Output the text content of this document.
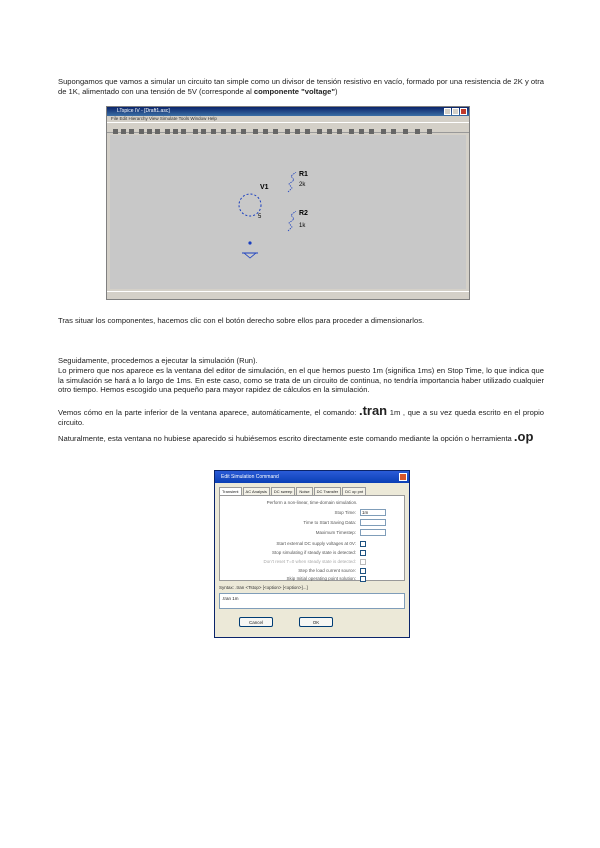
Supongamos que vamos a simular un circuito tan simple como un divisor de tensión resistivo en vacío, formado por una resistencia de 2K y otra de 1K, alimentado con una tensión de 5V (corresponde al componente "voltage")
LTspice IV - [Draft1.asc]
File Edit Hierarchy View Simulate Tools Window Help
V1
5
R1
2k
R2
1k
Tras situar los componentes, hacemos clic con el botón derecho sobre ellos para proceder a dimensionarlos.
Seguidamente, procedemos a ejecutar la simulación (Run).
Lo primero que nos aparece es la ventana del editor de simulación, en el que hemos puesto 1m (significa 1ms) en Stop Time, lo que indica que la simulación se hará a lo largo de 1ms. En este caso, como se trata de un circuito de continua, no tendría importancia haber utilizado cualquier otro tiempo. Hemos escogido una pequeño para mayor rapidez de cálculos en la simulación.
Vemos cómo en la parte inferior de la ventana aparece, automáticamente, el comando: .tran 1m , que a su vez queda escrito en el propio circuito.
Naturalmente, esta ventana no hubiese aparecido si hubiésemos escrito directamente este comando mediante la opción o herramienta .op
Edit Simulation Command
Transient	AC Analysis	DC sweep	Noise	DC Transfer	DC op pnt
Perform a non-linear, time-domain simulation.
Stop Time:	1m
Time to Start Saving Data:
Maximum Timestep:
Start external DC supply voltages at 0V:
Stop simulating if steady state is detected:
Don't reset T=0 when steady state is detected:
Step the load current source:
Skip Initial operating point solution:
Syntax: .tran <Tstop> [<option> [<option>]...]
.tran 1m
Cancel	OK
